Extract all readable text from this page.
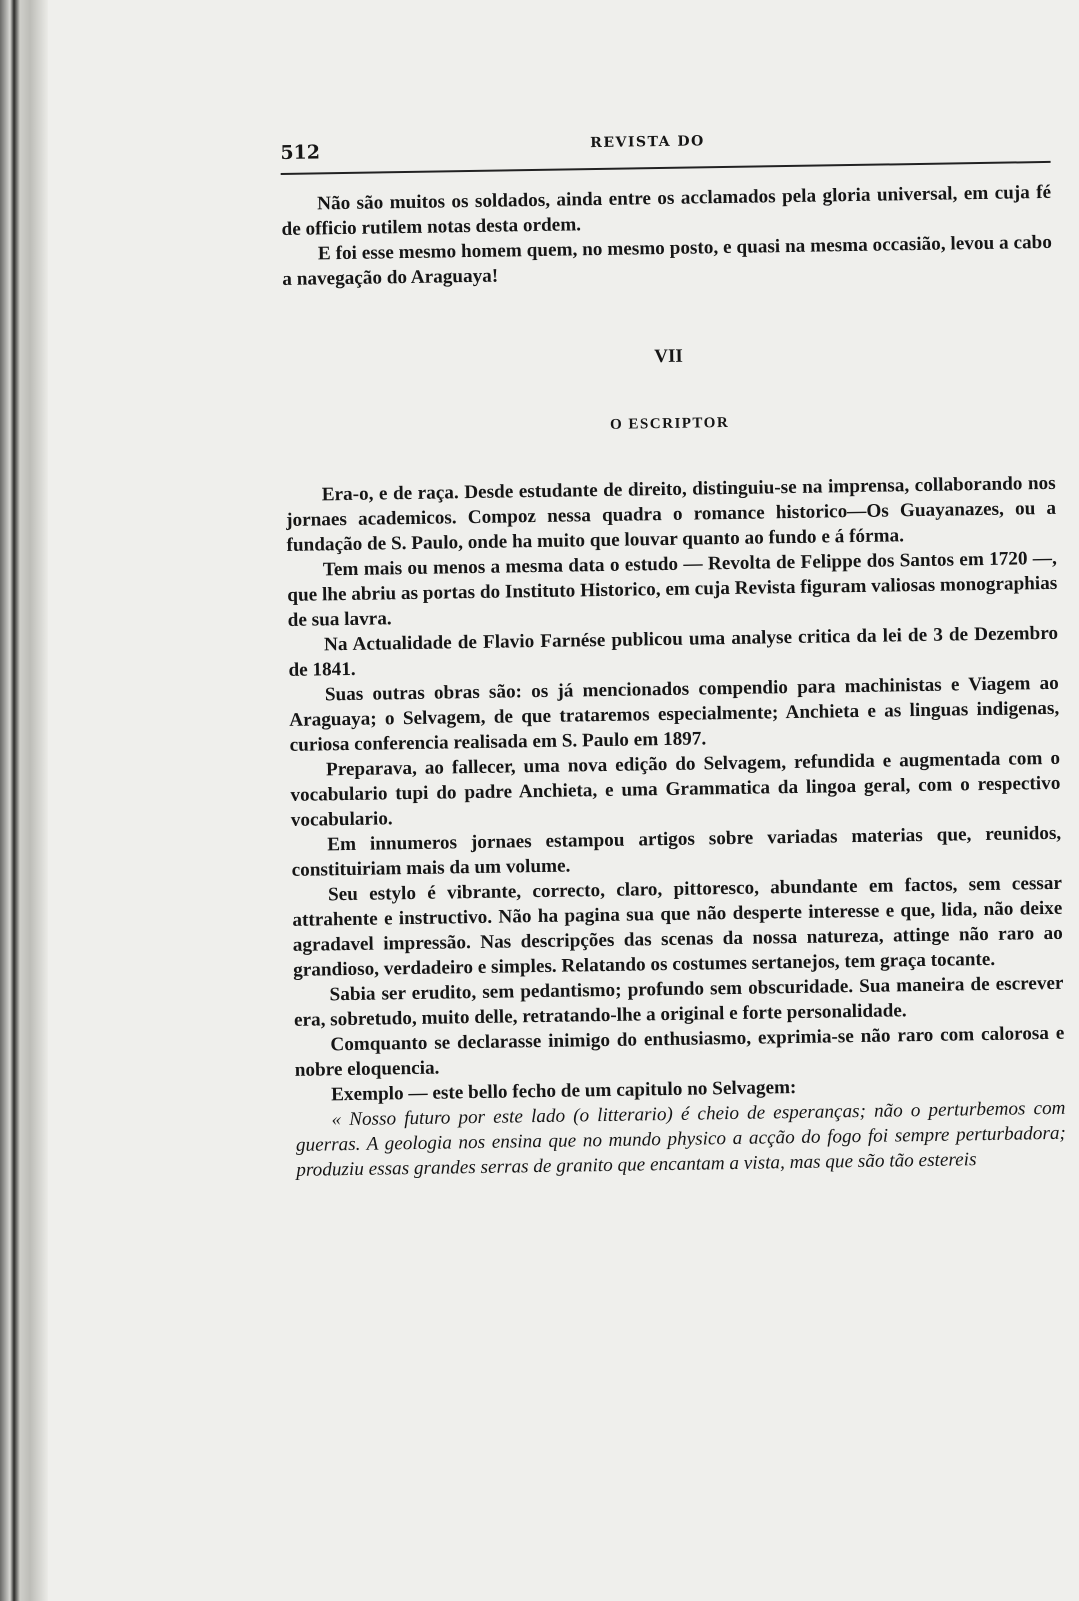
512	REVISTA DO

Não são muitos os soldados, ainda entre os acclamados pela gloria universal, em cuja fé de officio rutilem notas desta ordem.

E foi esse mesmo homem quem, no mesmo posto, e quasi na mesma occasião, levou a cabo a navegação do Araguaya!

VII
O ESCRIPTOR

Era-o, e de raça. Desde estudante de direito, distinguiu-se na imprensa, collaborando nos jornaes academicos. Compoz nessa quadra o romance historico—Os Guayanazes, ou a fundação de S. Paulo, onde ha muito que louvar quanto ao fundo e á fórma.

Tem mais ou menos a mesma data o estudo — Revolta de Felippe dos Santos em 1720 —, que lhe abriu as portas do Instituto Historico, em cuja Revista figuram valiosas monographias de sua lavra.

Na Actualidade de Flavio Farnése publicou uma analyse critica da lei de 3 de Dezembro de 1841.

Suas outras obras são: os já mencionados compendio para machinistas e Viagem ao Araguaya; o Selvagem, de que trataremos especialmente; Anchieta e as linguas indigenas, curiosa conferencia realisada em S. Paulo em 1897.

Preparava, ao fallecer, uma nova edição do Selvagem, refundida e augmentada com o vocabulario tupi do padre Anchieta, e uma Grammatica da lingoa geral, com o respectivo vocabulario.

Em innumeros jornaes estampou artigos sobre variadas materias que, reunidos, constituiriam mais da um volume.

Seu estylo é vibrante, correcto, claro, pittoresco, abundante em factos, sem cessar attrahente e instructivo. Não ha pagina sua que não desperte interesse e que, lida, não deixe agradavel impressão. Nas descripções das scenas da nossa natureza, attinge não raro ao grandioso, verdadeiro e simples. Relatando os costumes sertanejos, tem graça tocante.

Sabia ser erudito, sem pedantismo; profundo sem obscuridade. Sua maneira de escrever era, sobretudo, muito delle, retratando-lhe a original e forte personalidade.

Comquanto se declarasse inimigo do enthusiasmo, exprimia-se não raro com calorosa e nobre eloquencia.

Exemplo — este bello fecho de um capitulo no Selvagem:

« Nosso futuro por este lado (o litterario) é cheio de esperanças; não o perturbemos com guerras. A geologia nos ensina que no mundo physico a acção do fogo foi sempre perturbadora; produziu essas grandes serras de granito que encantam a vista, mas que são tão estereis
